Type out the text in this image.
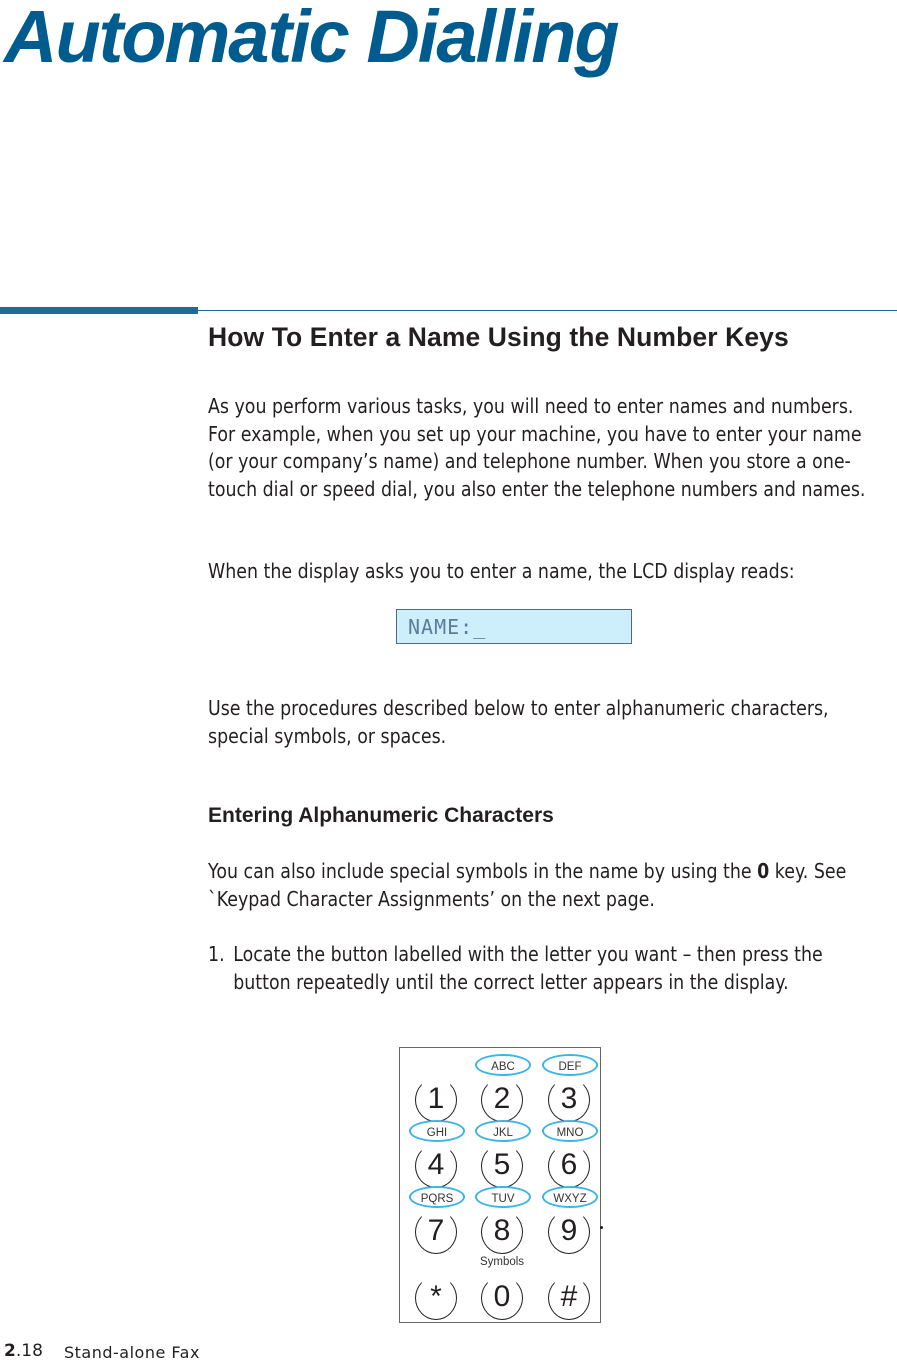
Automatic Dialling
How To Enter a Name Using the Number Keys

As you perform various tasks, you will need to enter names and numbers. For example, when you set up your machine, you have to enter your name (or your company’s name) and telephone number. When you store a one-touch dial or speed dial, you also enter the telephone numbers and names.

When the display asks you to enter a name, the LCD display reads:

NAME:_

Use the procedures described below to enter alphanumeric characters, special symbols, or spaces.

Entering Alphanumeric Characters

You can also include special symbols in the name by using the 0 key. See `Keypad Character Assignments’ on the next page.

1. Locate the button labelled with the letter you want – then press the
button repeatedly until the correct letter appears in the display.

1	2
ABC
3
DEF
4
GHI
5
JKL
6
MNO
7
PQRS
8
TUV
9
WXYZ
*	0
Symbols
#
2.18 Stand-alone Fax
